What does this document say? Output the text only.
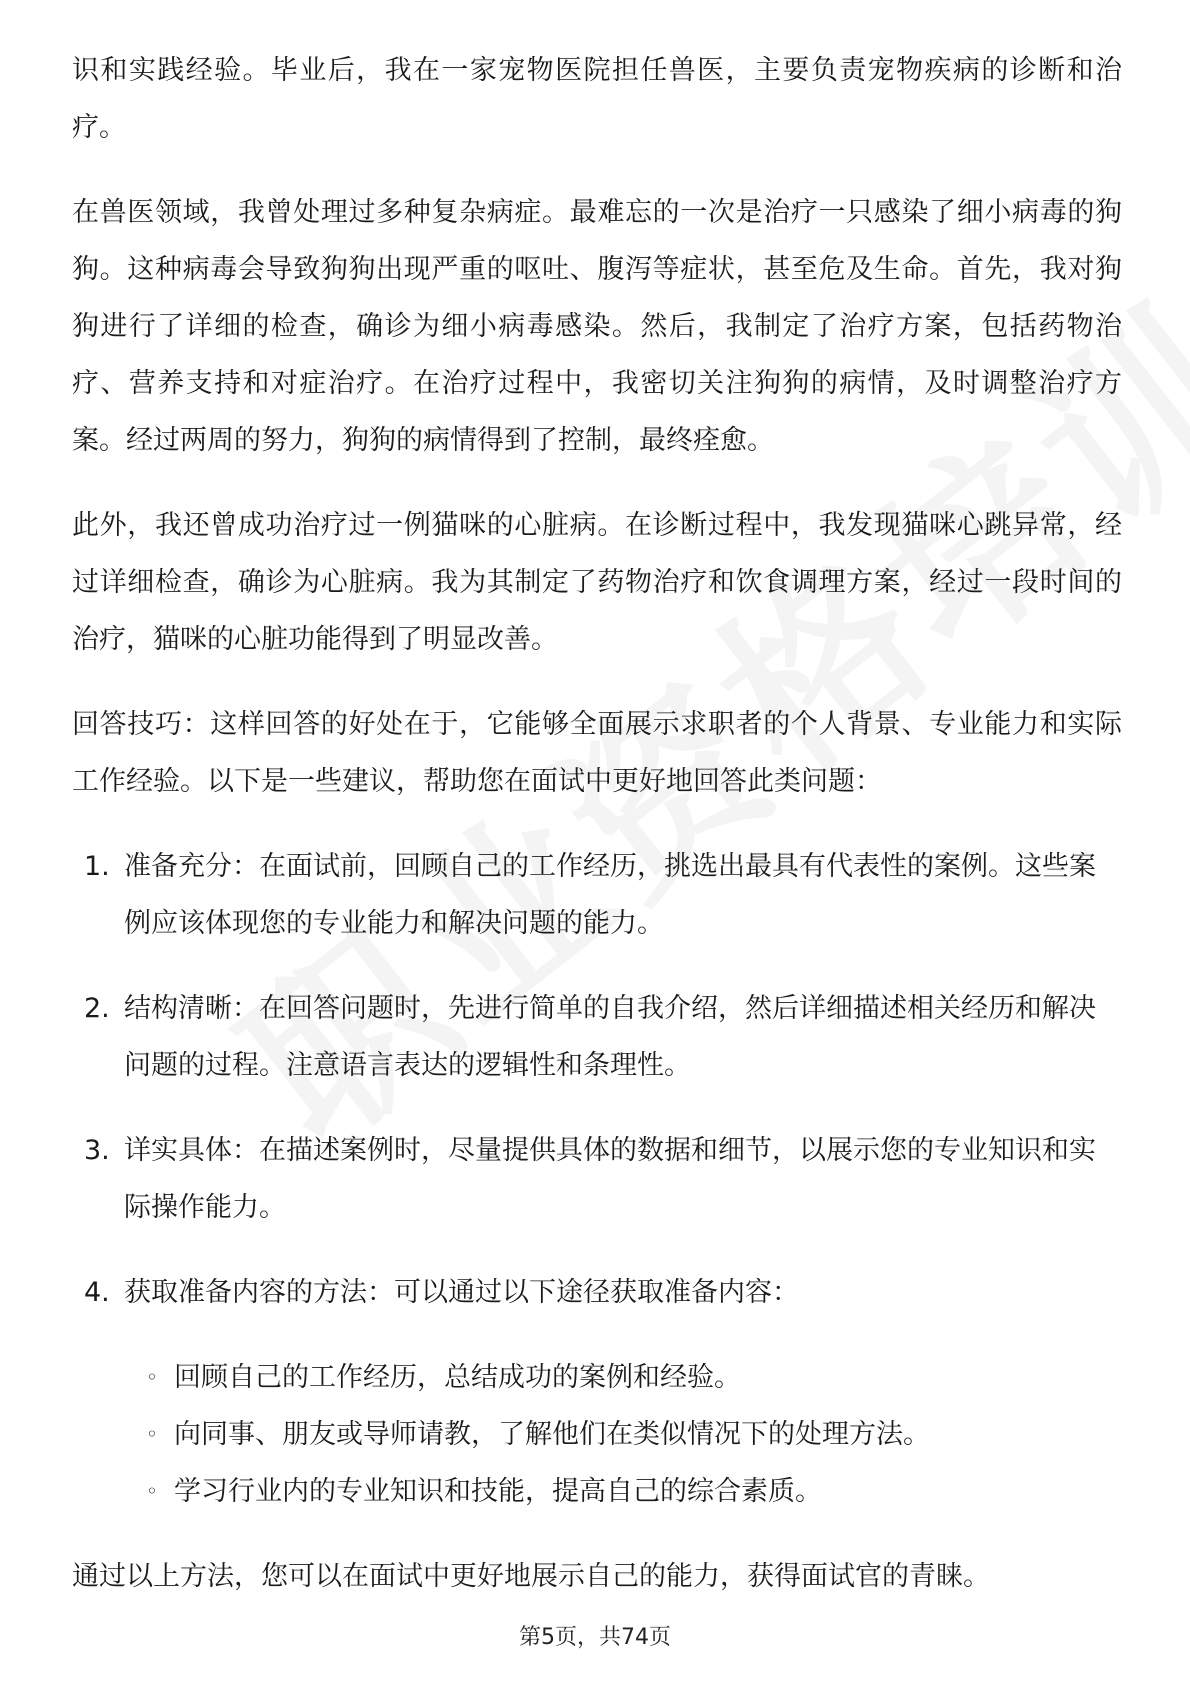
识和实践经验。毕业后，我在一家宠物医院担任兽医，主要负责宠物疾病的诊断和治疗。

在兽医领域，我曾处理过多种复杂病症。最难忘的一次是治疗一只感染了细小病毒的狗狗。这种病毒会导致狗狗出现严重的呕吐、腹泻等症状，甚至危及生命。首先，我对狗狗进行了详细的检查，确诊为细小病毒感染。然后，我制定了治疗方案，包括药物治疗、营养支持和对症治疗。在治疗过程中，我密切关注狗狗的病情，及时调整治疗方案。经过两周的努力，狗狗的病情得到了控制，最终痊愈。

此外，我还曾成功治疗过一例猫咪的心脏病。在诊断过程中，我发现猫咪心跳异常，经过详细检查，确诊为心脏病。我为其制定了药物治疗和饮食调理方案，经过一段时间的治疗，猫咪的心脏功能得到了明显改善。

回答技巧：这样回答的好处在于，它能够全面展示求职者的个人背景、专业能力和实际工作经验。以下是一些建议，帮助您在面试中更好地回答此类问题：

1. 准备充分：在面试前，回顾自己的工作经历，挑选出最具有代表性的案例。这些案例应该体现您的专业能力和解决问题的能力。
2. 结构清晰：在回答问题时，先进行简单的自我介绍，然后详细描述相关经历和解决问题的过程。注意语言表达的逻辑性和条理性。
3. 详实具体：在描述案例时，尽量提供具体的数据和细节，以展示您的专业知识和实际操作能力。
4. 获取准备内容的方法：可以通过以下途径获取准备内容：
◦ 回顾自己的工作经历，总结成功的案例和经验。
◦ 向同事、朋友或导师请教，了解他们在类似情况下的处理方法。
◦ 学习行业内的专业知识和技能，提高自己的综合素质。

通过以上方法，您可以在面试中更好地展示自己的能力，获得面试官的青睐。

第5页，共74页
